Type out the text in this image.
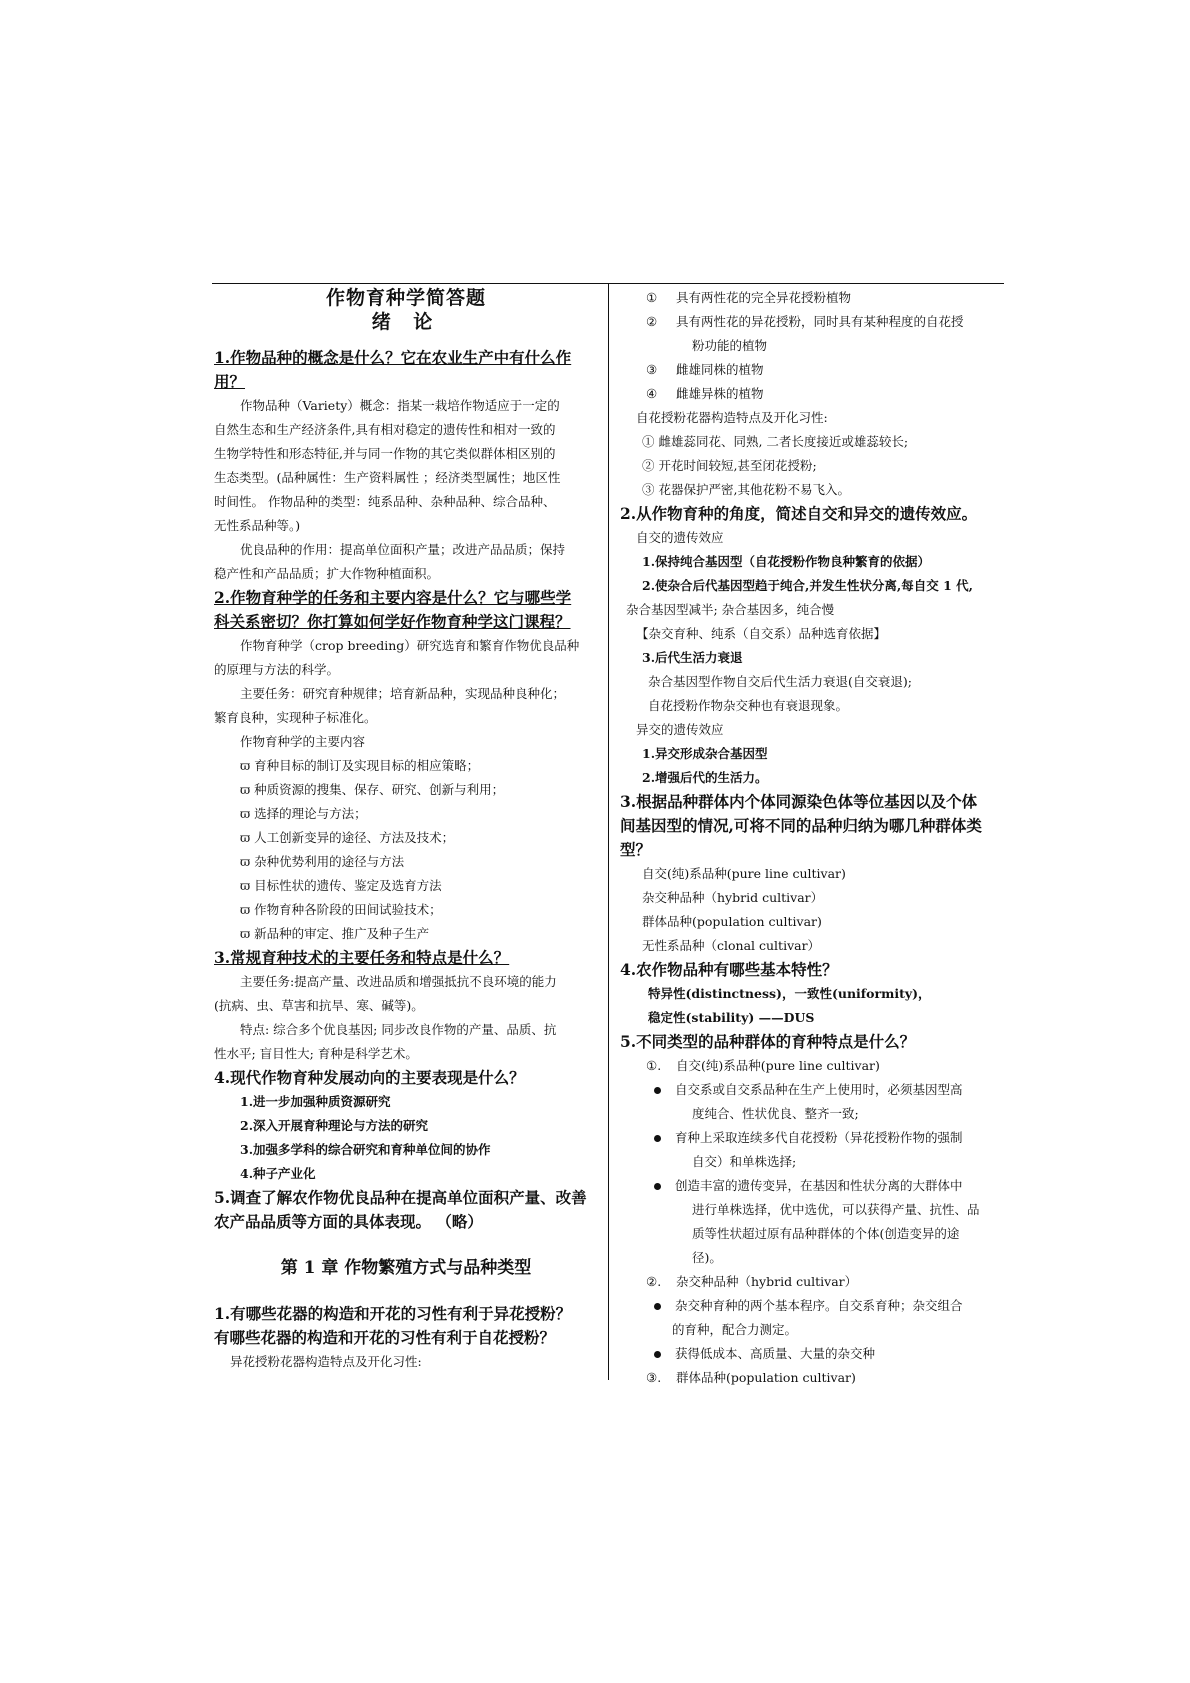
作物育种学简答题
绪 论
1.作物品种的概念是什么？它在农业生产中有什么作
用？
作物品种（Variety）概念：指某一栽培作物适应于一定的
自然生态和生产经济条件,具有相对稳定的遗传性和相对一致的
生物学特性和形态特征,并与同一作物的其它类似群体相区别的
生态类型。(品种属性：生产资料属性 ；经济类型属性；地区性
时间性。 作物品种的类型：纯系品种、杂种品种、综合品种、
无性系品种等。)
优良品种的作用：提高单位面积产量；改进产品品质；保持
稳产性和产品品质；扩大作物种植面积。
2.作物育种学的任务和主要内容是什么？它与哪些学
科关系密切？你打算如何学好作物育种学这门课程？
作物育种学（crop breeding）研究选育和繁育作物优良品种
的原理与方法的科学。
主要任务：研究育种规律；培育新品种，实现品种良种化；
繁育良种，实现种子标准化。
作物育种学的主要内容
ϖ 育种目标的制订及实现目标的相应策略；
ϖ 种质资源的搜集、保存、研究、创新与利用；
ϖ 选择的理论与方法；
ϖ 人工创新变异的途径、方法及技术；
ϖ 杂种优势利用的途径与方法
ϖ 目标性状的遗传、鉴定及选育方法
ϖ 作物育种各阶段的田间试验技术；
ϖ 新品种的审定、推广及种子生产
3.常规育种技术的主要任务和特点是什么？
主要任务:提高产量、改进品质和增强抵抗不良环境的能力
(抗病、虫、草害和抗旱、寒、碱等)。
特点: 综合多个优良基因; 同步改良作物的产量、品质、抗
性水平; 盲目性大; 育种是科学艺术。
4.现代作物育种发展动向的主要表现是什么？
1.进一步加强种质资源研究
2.深入开展育种理论与方法的研究
3.加强多学科的综合研究和育种单位间的协作
4.种子产业化
5.调查了解农作物优良品种在提高单位面积产量、改善
农产品品质等方面的具体表现。 （略）
第 1 章 作物繁殖方式与品种类型
1.有哪些花器的构造和开花的习性有利于异花授粉？
有哪些花器的构造和开花的习性有利于自花授粉？
异花授粉花器构造特点及开化习性:
① 具有两性花的完全异花授粉植物
② 具有两性花的异花授粉，同时具有某种程度的自花授
粉功能的植物
③ 雌雄同株的植物
④ 雌雄异株的植物
自花授粉花器构造特点及开化习性:
① 雌雄蕊同花、同熟, 二者长度接近或雄蕊较长;
② 开花时间较短,甚至闭花授粉;
③ 花器保护严密,其他花粉不易飞入。
2.从作物育种的角度，简述自交和异交的遗传效应。
自交的遗传效应
1.保持纯合基因型（自花授粉作物良种繁育的依据）
2.使杂合后代基因型趋于纯合,并发生性状分离,每自交 1 代,
杂合基因型减半; 杂合基因多，纯合慢
【杂交育种、纯系（自交系）品种选育依据】
3.后代生活力衰退
杂合基因型作物自交后代生活力衰退(自交衰退);
自花授粉作物杂交种也有衰退现象。
异交的遗传效应
1.异交形成杂合基因型
2.增强后代的生活力。
3.根据品种群体内个体同源染色体等位基因以及个体
间基因型的情况,可将不同的品种归纳为哪几种群体类
型？
自交(纯)系品种(pure line cultivar)
杂交种品种（hybrid cultivar）
群体品种(population cultivar)
无性系品种（clonal cultivar）
4.农作物品种有哪些基本特性？
特异性(distinctness)，一致性(uniformity)，
稳定性(stability) ——DUS
5.不同类型的品种群体的育种特点是什么？
①. 自交(纯)系品种(pure line cultivar)
自交系或自交系品种在生产上使用时，必须基因型高
度纯合、性状优良、整齐一致;
育种上采取连续多代自花授粉（异花授粉作物的强制
自交）和单株选择;
创造丰富的遗传变异，在基因和性状分离的大群体中
进行单株选择，优中选优，可以获得产量、抗性、品
质等性状超过原有品种群体的个体(创造变异的途
径)。
②. 杂交种品种（hybrid cultivar）
杂交种育种的两个基本程序。自交系育种；杂交组合
的育种，配合力测定。
获得低成本、高质量、大量的杂交种
③. 群体品种(population cultivar)
